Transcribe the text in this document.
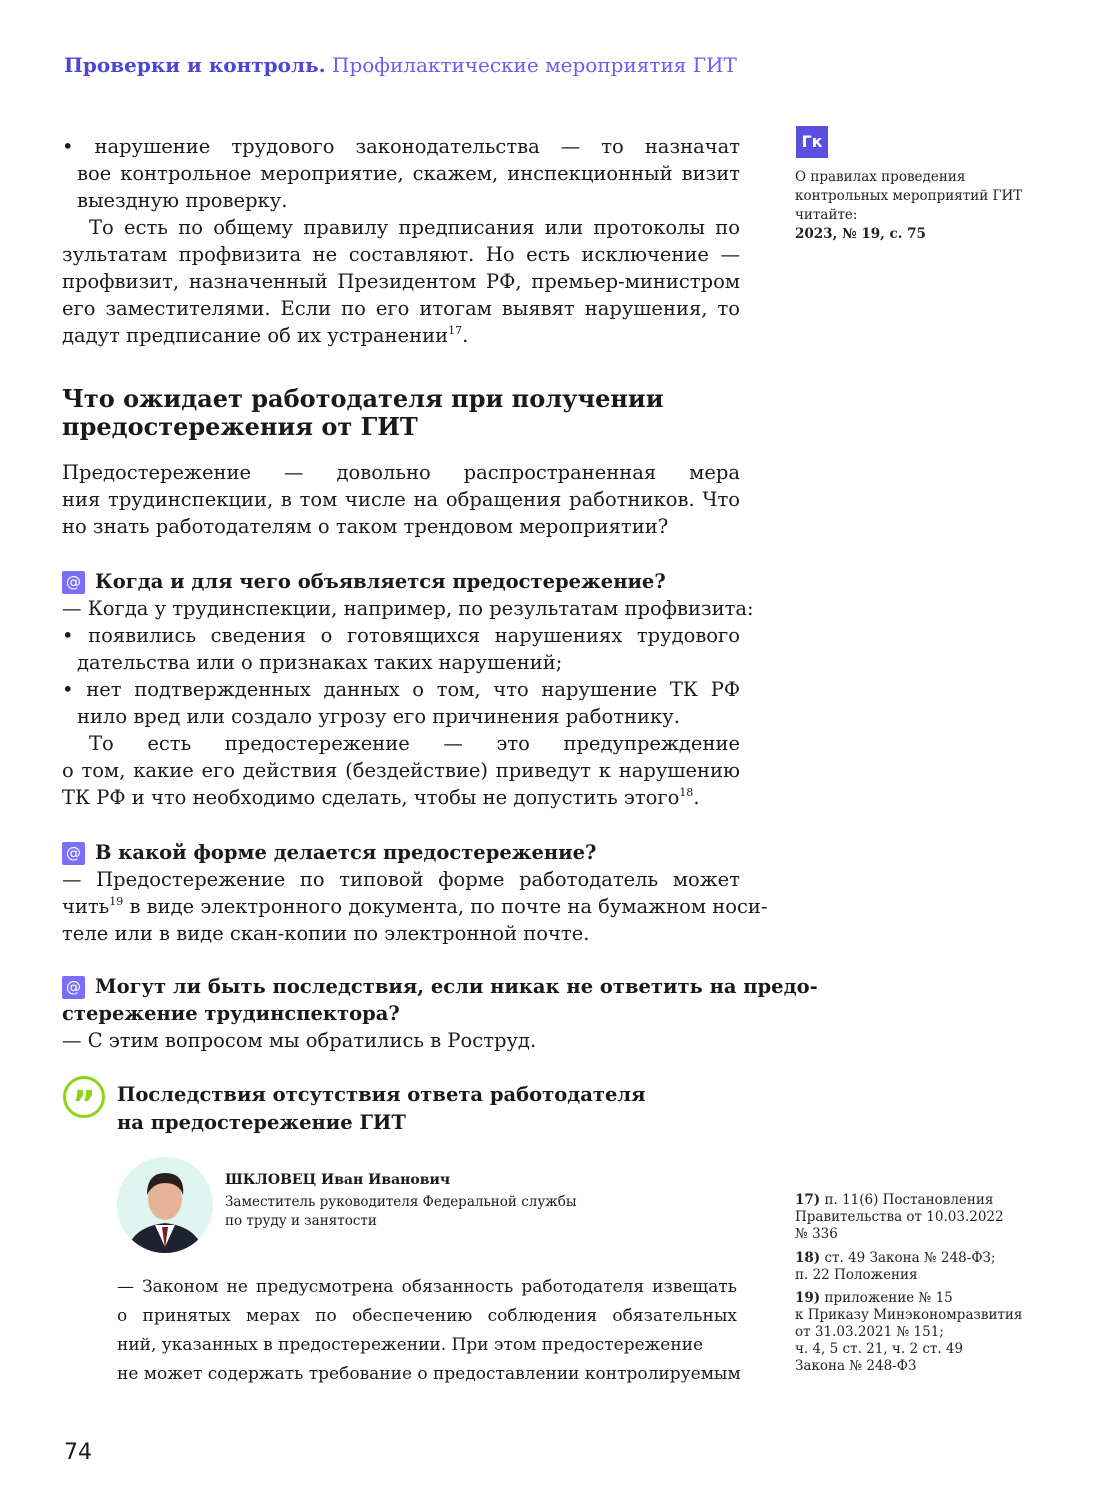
Проверки и контроль. Профилактические мероприятия ГИТ
• нарушение трудового законодательства — то назначат
вое контрольное мероприятие, скажем, инспекционный визит
выездную проверку.
То есть по общему правилу предписания или протоколы по
зультатам профвизита не составляют. Но есть исключение —
профвизит, назначенный Президентом РФ, премьер-министром
его заместителями. Если по его итогам выявят нарушения, то
дадут предписание об их устранении$^{17}$.
Что ожидает работодателя при получении
предостережения от ГИТ
Предостережение — довольно распространенная мера
ния трудинспекции, в том числе на обращения работников. Что
но знать работодателям о таком трендовом мероприятии?
@ Когда и для чего объявляется предостережение?
— Когда у трудинспекции, например, по результатам профвизита:
• появились сведения о готовящихся нарушениях трудового
дательства или о признаках таких нарушений;
• нет подтвержденных данных о том, что нарушение ТК РФ
нило вред или создало угрозу его причинения работнику.
То есть предостережение — это предупреждение
о том, какие его действия (бездействие) приведут к нарушению
ТК РФ и что необходимо сделать, чтобы не допустить этого$^{18}$.
@ В какой форме делается предостережение?
— Предостережение по типовой форме работодатель может
чить$^{19}$ в виде электронного документа, по почте на бумажном носи-
теле или в виде скан-копии по электронной почте.
@ Могут ли быть последствия, если никак не ответить на предо-
стережение трудинспектора?
— С этим вопросом мы обратились в Роструд.
”	Последствия отсутствия ответа работодателя
на предостережение ГИТ
ШКЛОВЕЦ Иван Иванович
Заместитель руководителя Федеральной службы
по труду и занятости
— Законом не предусмотрена обязанность работодателя извещать
о принятых мерах по обеспечению соблюдения обязательных
ний, указанных в предостережении. При этом предостережение
не может содержать требование о предоставлении контролируемым
Гк
О правилах проведения
контрольных мероприятий ГИТ
читайте:
2023, № 19, с. 75
17) п. 11(6) Постановления
Правительства от 10.03.2022
№ 336
18) ст. 49 Закона № 248-ФЗ;
п. 22 Положения
19) приложение № 15
к Приказу Минэкономразвития
от 31.03.2021 № 151;
ч. 4, 5 ст. 21, ч. 2 ст. 49
Закона № 248-ФЗ
74
